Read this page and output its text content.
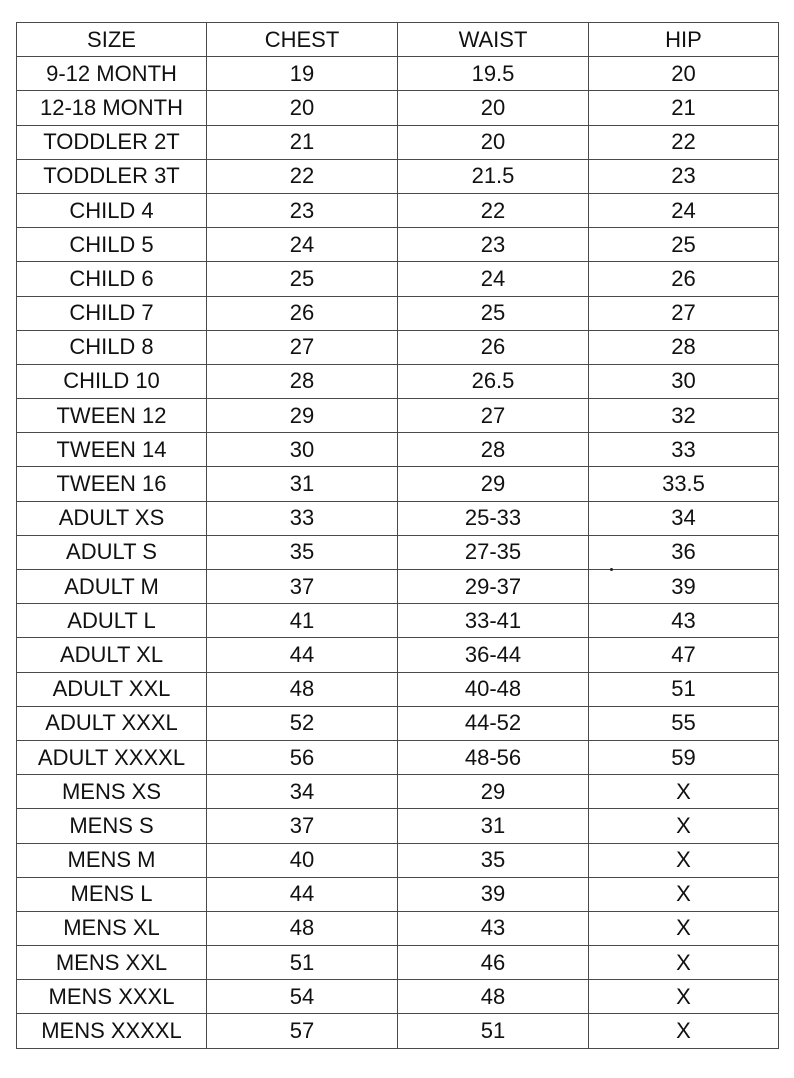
SIZE	CHEST	WAIST	HIP
9-12 MONTH	19	19.5	20
12-18 MONTH	20	20	21
TODDLER 2T	21	20	22
TODDLER 3T	22	21.5	23
CHILD 4	23	22	24
CHILD 5	24	23	25
CHILD 6	25	24	26
CHILD 7	26	25	27
CHILD 8	27	26	28
CHILD 10	28	26.5	30
TWEEN 12	29	27	32
TWEEN 14	30	28	33
TWEEN 16	31	29	33.5
ADULT XS	33	25-33	34
ADULT S	35	27-35	36
ADULT M	37	29-37	39
ADULT L	41	33-41	43
ADULT XL	44	36-44	47
ADULT XXL	48	40-48	51
ADULT XXXL	52	44-52	55
ADULT XXXXL	56	48-56	59
MENS XS	34	29	X
MENS S	37	31	X
MENS M	40	35	X
MENS L	44	39	X
MENS XL	48	43	X
MENS XXL	51	46	X
MENS XXXL	54	48	X
MENS XXXXL	57	51	X
